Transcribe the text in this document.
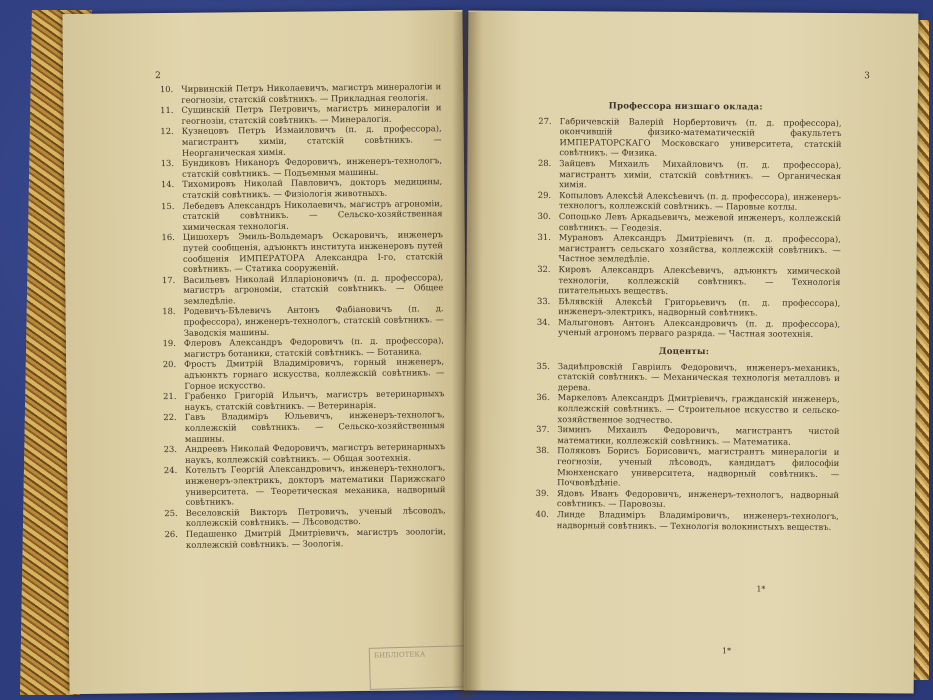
2
10. Чирвинскій Петръ Николаевичъ, магистръ минералогіи и геогнозіи, статскій совѣтникъ. — Прикладная геологія.
11. Сущинскій Петръ Петровичъ, магистръ минералогіи и геогнозіи, статскій совѣтникъ. — Минералогія.
12. Кузнецовъ Петръ Измаиловичъ (п. д. профессора), магистрантъ химіи, статскій совѣтникъ. — Неорганическая химія.
13. Бундиковъ Никаноръ Федоровичъ, инженеръ-технологъ, статскій совѣтникъ. — Подъемныя машины.
14. Тихомировъ Николай Павловичъ, докторъ медицины, статскій совѣтникъ. — Физіологія животныхъ.
15. Лебедевъ Александръ Николаевичъ, магистръ агрономіи, статскій совѣтникъ. — Сельско-хозяйственная химическая технологія.
16. Цишохеръ Эмиль-Вольдемаръ Оскаровичъ, инженеръ путей сообщенія, адъюнктъ института инженеровъ путей сообщенія ИМПЕРАТОРА Александра I-го, статскій совѣтникъ. — Статика сооруженій.
17. Васильевъ Николай Илларіоновичъ (п. д. профессора), магистръ агрономіи, статскій совѣтникъ. — Общее земледѣліе.
18. Родевичъ-Бѣлевичъ Антонъ Фабіановичъ (п. д. профессора), инженеръ-технологъ, статскій совѣтникъ. — Заводскія машины.
19. Флеровъ Александръ Федоровичъ (п. д. профессора), магистръ ботаники, статскій совѣтникъ. — Ботаника.
20. Фростъ Дмитрій Владиміровичъ, горный инженеръ, адъюнктъ горнаго искусства, коллежскій совѣтникъ. — Горное искусство.
21. Грабенко Григорій Ильичъ, магистръ ветеринарныхъ наукъ, статскій совѣтникъ. — Ветеринарія.
22. Гавъ Владиміръ Юльевичъ, инженеръ-технологъ, коллежскій совѣтникъ. — Сельско-хозяйственныя машины.
23. Андреевъ Николай Федоровичъ, магистръ ветеринарныхъ наукъ, коллежскій совѣтникъ. — Общая зоотехнія.
24. Котельтъ Георгій Александровичъ, инженеръ-технологъ, инженеръ-электрикъ, докторъ математики Парижскаго университета. — Теоретическая механика, надворный совѣтникъ.
25. Веселовскій Викторъ Петровичъ, ученый лѣсоводъ, коллежскій совѣтникъ. — Лѣсоводство.
26. Педашенко Дмитрій Дмитріевичъ, магистръ зоологіи, коллежскій совѣтникъ. — Зоологія.
БИБЛІОТЕКА
3
Профессора низшаго оклада:
27. Габричевскій Валерій Норбертовичъ (п. д. профессора), окончившій физико-математическій факультетъ ИМПЕРАТОРСКАГО Московскаго университета, статскій совѣтникъ. — Физика.
28. Зайцевъ Михаилъ Михайловичъ (п. д. профессора), магистрантъ химіи, статскій совѣтникъ. — Органическая химія.
29. Копыловъ Алексѣй Алексѣевичъ (п. д. профессора), инженеръ-технологъ, коллежскій совѣтникъ. — Паровые котлы.
30. Сопоцько Левъ Аркадьевичъ, межевой инженеръ, коллежскій совѣтникъ. — Геодезія.
31. Мурановъ Александръ Дмитріевичъ (п. д. профессора), магистрантъ сельскаго хозяйства, коллежскій совѣтникъ. — Частное земледѣліе.
32. Кировъ Александръ Алексѣевичъ, адъюнктъ химической технологіи, коллежскій совѣтникъ. — Технологія питательныхъ веществъ.
33. Бѣлявскій Алексѣй Григорьевичъ (п. д. профессора), инженеръ-электрикъ, надворный совѣтникъ.
34. Малыгоновъ Антонъ Александровичъ (п. д. профессора), ученый агрономъ перваго разряда. — Частная зоотехнія.
Доценты:
35. Задиѣпровскій Гавріилъ Федоровичъ, инженеръ-механикъ, статскій совѣтникъ. — Механическая технологія металловъ и дерева.
36. Маркеловъ Александръ Дмитріевичъ, гражданскій инженеръ, коллежскій совѣтникъ. — Строительное искусство и сельско-хозяйственное зодчество.
37. Зиминъ Михаилъ Федоровичъ, магистрантъ чистой математики, коллежскій совѣтникъ. — Математика.
38. Поляковъ Борисъ Борисовичъ, магистрантъ минералогіи и геогнозіи, ученый лѣсоводъ, кандидатъ философіи Мюнхенскаго университета, надворный совѣтникъ. — Почвовѣдѣніе.
39. Ядовъ Иванъ Федоровичъ, инженеръ-технологъ, надворный совѣтникъ. — Паровозы.
40. Линде Владиміръ Владиміровичъ, инженеръ-технологъ, надворный совѣтникъ. — Технологія волокнистыхъ веществъ.
1*
1*
